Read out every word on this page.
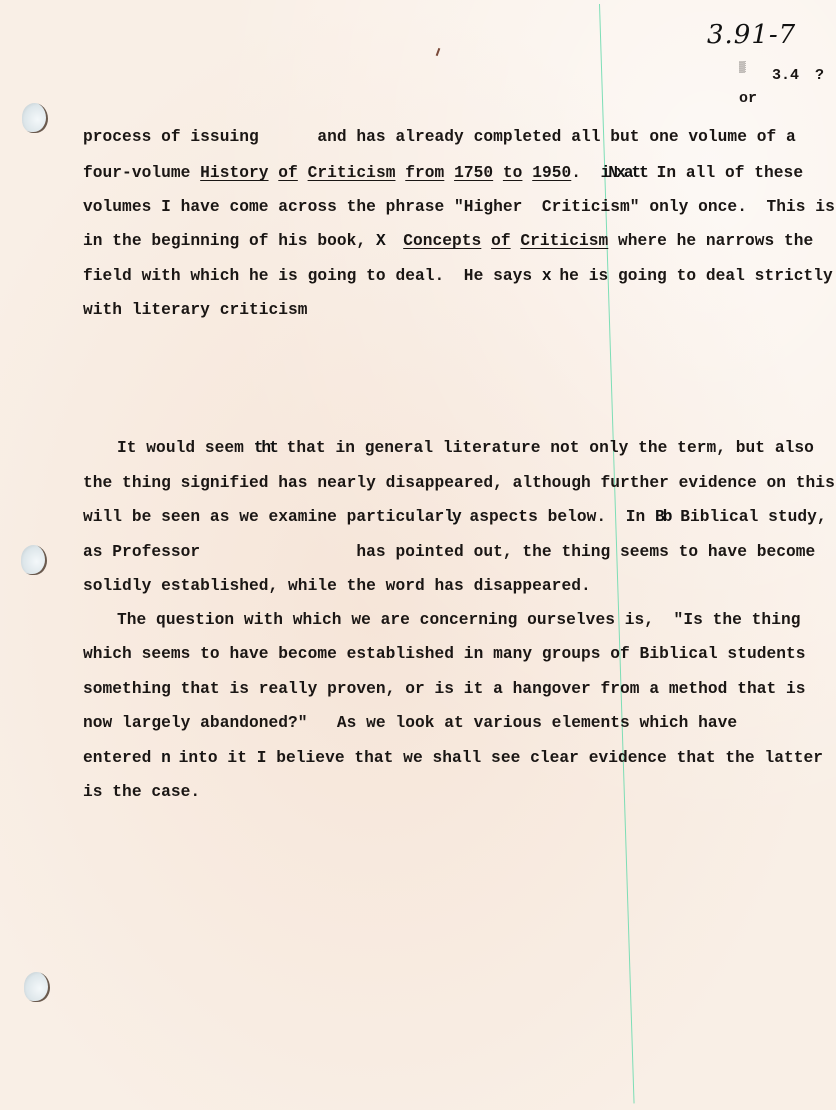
3.91-7
▒ 3.4 ?
or
process of issuing      and has already completed all but one volume of a
four-volume History of Criticism from 1750 to 1950.  iNxatt In all of these
volumes I have come across the phrase "Higher  Criticism" only once.  This is
in the beginning of his book, X Concepts of Criticism where he narrows the
field with which he is going to deal.  He says x he is going to deal strictly
with literary criticism
It would seem tht that in general literature not only the term, but also
the thing signified has nearly disappeared, although further evidence on this
will be seen as we examine particularly aspects below.  In Bb Biblical study,
as Professor                has pointed out, the thing seems to have become
solidly established, while the word has disappeared.
The question with which we are concerning ourselves is,  "Is the thing
which seems to have become established in many groups of Biblical students
something that is really proven, or is it a hangover from a method that is
now largely abandoned?"   As we look at various elements which have
entered n into it I believe that we shall see clear evidence that the latter
is the case.
